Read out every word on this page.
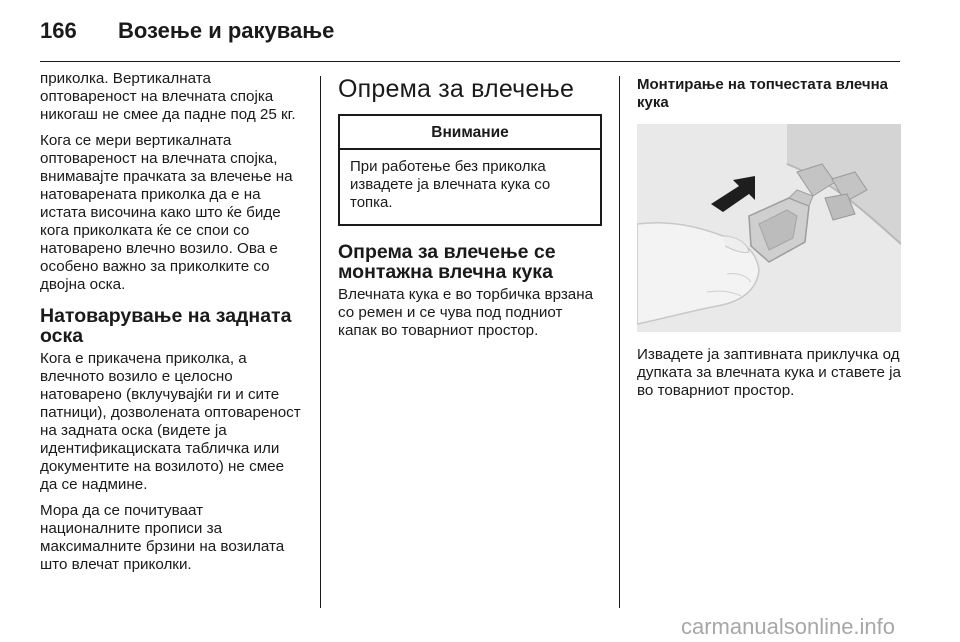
166 Возење и ракување

приколка. Вертикалната оптовареност на влечната спојка никогаш не смее да падне под 25 кг.

Кога се мери вертикалната оптовареност на влечната спојка, внимавајте прачката за влечење на натоварената приколка да е на истата височина како што ќе биде кога приколката ќе се спои со натоварено влечно возило. Ова е особено важно за приколките со двојна оска.

Натоварување на задната оска

Кога е прикачена приколка, а влечното возило е целосно натоварено (вклучувајќи ги и сите патници), дозволената оптовареност на задната оска (видете ја идентификациската табличка или документите на возилото) не смее да се надмине.

Мора да се почитуваат националните прописи за максималните брзини на возилата што влечат приколки.

Опрема за влечење
Внимание
При работење без приколка извадете ја влечната кука со топка.
Опрема за влечење се монтажна влечна кука

Влечната кука е во торбичка врзана со ремен и се чува под подниот капак во товарниот простор.

Монтирање на топчестата влечна кука

Извадете ја заптивната приклучка од дупката за влечната кука и ставете ја во товарниот простор.

carmanualsonline.info
